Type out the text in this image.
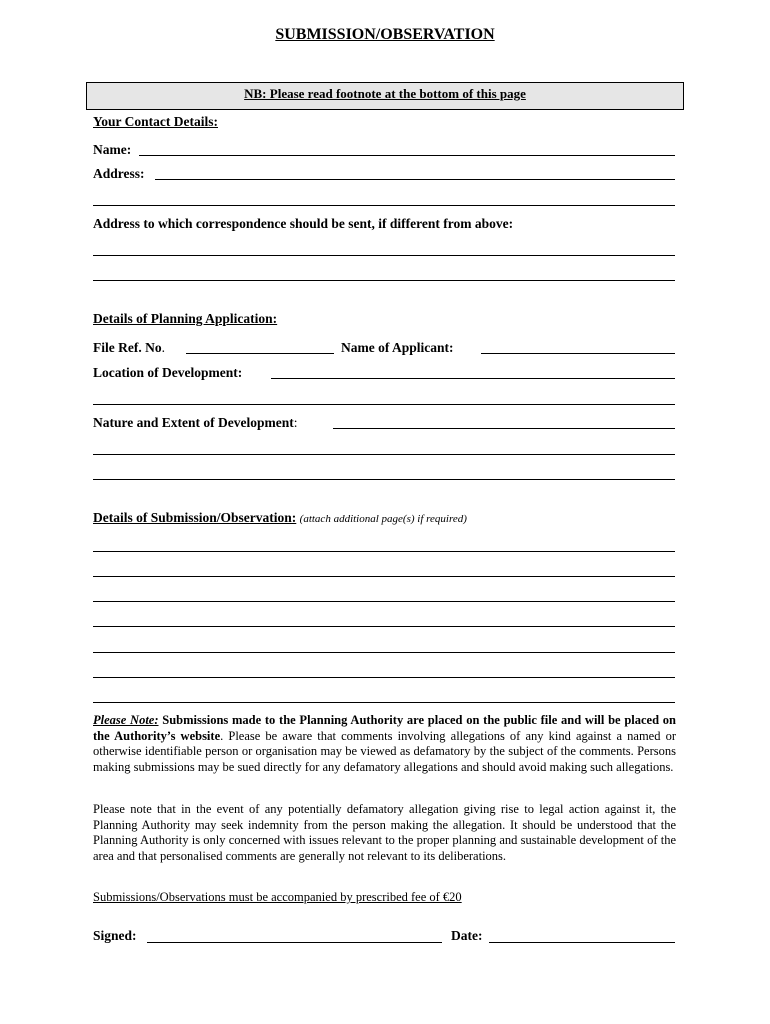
SUBMISSION/OBSERVATION
NB: Please read footnote at the bottom of this page
Your Contact Details:
Name:
Address:
Address to which correspondence should be sent, if different from above:
Details of Planning Application:
File Ref. No.	Name of Applicant:
Location of Development:
Nature and Extent of Development:
Details of Submission/Observation: (attach additional page(s) if required)
Please Note: Submissions made to the Planning Authority are placed on the public file and will be placed on the Authority’s website. Please be aware that comments involving allegations of any kind against a named or otherwise identifiable person or organisation may be viewed as defamatory by the subject of the comments. Persons making submissions may be sued directly for any defamatory allegations and should avoid making such allegations.
Please note that in the event of any potentially defamatory allegation giving rise to legal action against it, the Planning Authority may seek indemnity from the person making the allegation. It should be understood that the Planning Authority is only concerned with issues relevant to the proper planning and sustainable development of the area and that personalised comments are generally not relevant to its deliberations.
Submissions/Observations must be accompanied by prescribed fee of €20
Signed:	Date:
